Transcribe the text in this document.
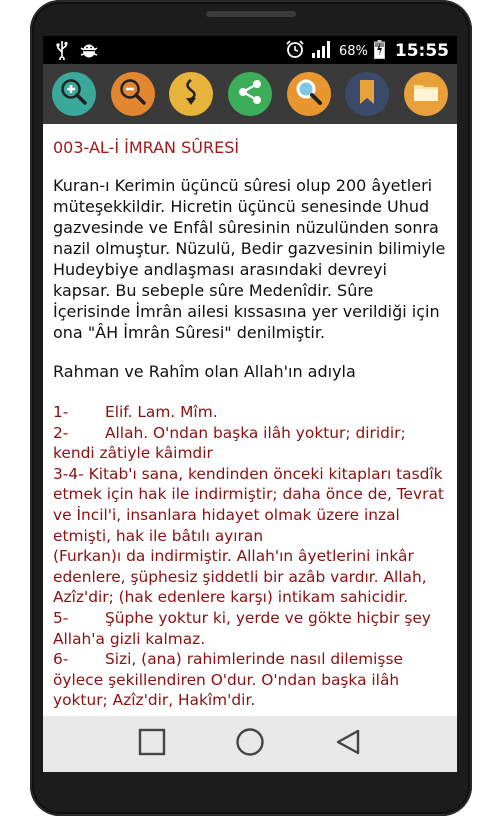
68% 15:55
003-AL-İ İMRAN SÛRESİ
Kuran-ı Kerimin üçüncü sûresi olup 200 âyetleri müteşekkildir. Hicretin üçüncü senesinde Uhud gazvesinde ve Enfâl sûresinin nüzulünden sonra nazil olmuştur. Nüzulü, Bedir gazvesinin bilimiyle Hudeybiye andlaşması arasındaki devreyi kapsar. Bu sebeple sûre Medenîdir. Sûre İçerisinde İmrân ailesi kıssasına yer verildiği için ona "ÂH İmrân Sûresi" denilmiştir.
Rahman ve Rahîm olan Allah'ın adıyla
1- Elif. Lam. Mîm.
2- Allah. O'ndan başka ilâh yoktur; diridir; kendi zâtiyle kâimdir
3-4- Kitab'ı sana, kendinden önceki kitapları tasdîk etmek için hak ile indirmiştir; daha önce de, Tevrat ve İncil'i, insanlara hidayet olmak üzere inzal etmişti, hak ile bâtılı ayıran
(Furkan)ı da indirmiştir. Allah'ın âyetlerini inkâr edenlere, şüphesiz şiddetli bir azâb vardır. Allah, Azîz'dir; (hak edenlere karşı) intikam sahicidir.
5- Şüphe yoktur ki, yerde ve gökte hiçbir şey Allah'a gizli kalmaz.
6- Sizi, (ana) rahimlerinde nasıl dilemişse öylece şekillendiren O'dur. O'ndan başka ilâh yoktur; Azîz'dir, Hakîm'dir.
